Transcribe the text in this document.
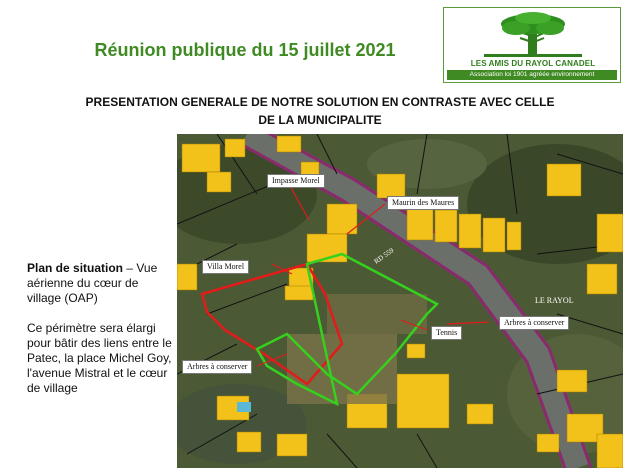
Réunion publique du 15 juillet 2021
LES AMIS DU RAYOL CANADEL
Association loi 1901 agréée environnement
PRESENTATION GENERALE DE NOTRE SOLUTION EN CONTRASTE AVEC CELLE
DE LA MUNICIPALITE
Impasse Morel
Maurin des Maures
Villa Morel
Tennis
Arbres à conserver
Arbres à conserver
RD 559
LE RAYOL

Plan de situation – Vue aérienne du cœur de village (OAP)

Ce périmètre sera élargi pour bâtir des liens entre le Patec, la place Michel Goy, l'avenue Mistral et le cœur de village
